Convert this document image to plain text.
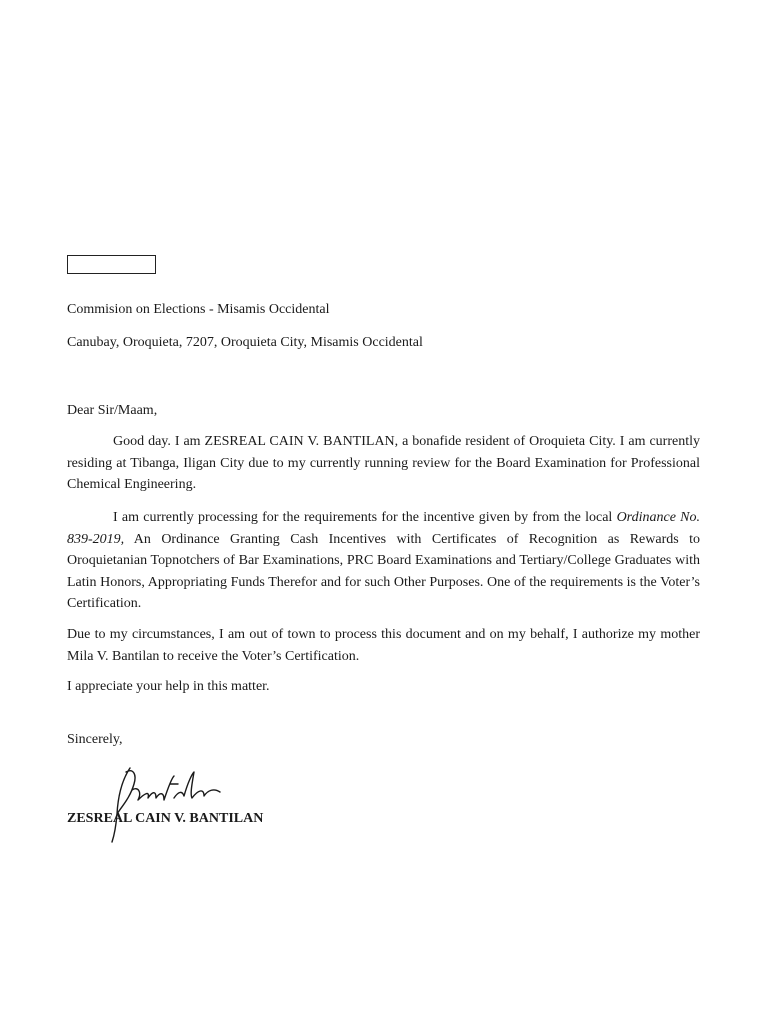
Commision on Elections - Misamis Occidental
Canubay, Oroquieta, 7207, Oroquieta City, Misamis Occidental
Dear Sir/Maam,
Good day. I am ZESREAL CAIN V. BANTILAN, a bonafide resident of Oroquieta City. I am currently residing at Tibanga, Iligan City due to my currently running review for the Board Examination for Professional Chemical Engineering.
I am currently processing for the requirements for the incentive given by from the local Ordinance No. 839-2019, An Ordinance Granting Cash Incentives with Certificates of Recognition as Rewards to Oroquietanian Topnotchers of Bar Examinations, PRC Board Examinations and Tertiary/College Graduates with Latin Honors, Appropriating Funds Therefor and for such Other Purposes. One of the requirements is the Voter’s Certification.
Due to my circumstances, I am out of town to process this document and on my behalf, I authorize my mother Mila V. Bantilan to receive the Voter’s Certification.
I appreciate your help in this matter.
Sincerely,
ZESREAL CAIN V. BANTILAN
